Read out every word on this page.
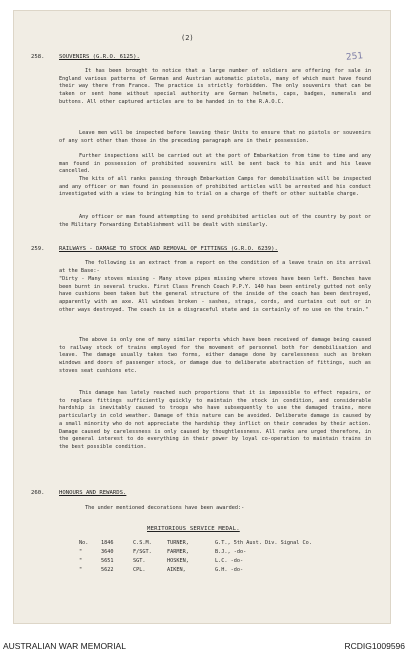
(2)
251
258.	SOUVENIRS (G.R.O. 6125).
It has been brought to notice that a large number of soldiers are offering for sale in England various patterns of German and Austrian automatic pistols, many of which must have found their way there from France. The practice is strictly forbidden. The only souvenirs that can be taken or sent home without special authority are German helmets, caps, badges, numerals and buttons. All other captured articles are to be handed in to the R.A.O.C.
Leave men will be inspected before leaving their Units to ensure that no pistols or souvenirs of any sort other than those in the preceding paragraph are in their possession.
Further inspections will be carried out at the port of Embarkation from time to time and any man found in possession of prohibited souvenirs will be sent back to his unit and his leave cancelled.
The kits of all ranks passing through Embarkation Camps for demobilisation will be inspected and any officer or man found in possession of prohibited articles will be arrested and his conduct investigated with a view to bringing him to trial on a charge of theft or other suitable charge.
Any officer or man found attempting to send prohibited articles out of the country by post or the Military Forwarding Establishment will be dealt with similarly.
259.	RAILWAYS - DAMAGE TO STOCK AND REMOVAL OF FITTINGS (G.R.O. 6239).
The following is an extract from a report on the condition of a leave train on its arrival at the Base:-
"Dirty - Many stoves missing - Many stove pipes missing where stoves have been left. Benches have been burnt in several trucks. First Class French Coach P.P.Y. 140 has been entirely gutted not only have cushions been taken but the general structure of the inside of the coach has been destroyed, apparently with an axe. All windows broken - sashes, straps, cords, and curtains cut out or in other ways destroyed. The coach is in a disgraceful state and is certainly of no use on the train."
The above is only one of many similar reports which have been received of damage being caused to railway stock of trains employed for the movement of personnel both for demobilisation and leave. The damage usually takes two forms, either damage done by carelessness such as broken windows and doors of passenger stock, or damage due to deliberate abstraction of fittings, such as stoves seat cushions etc.
This damage has lately reached such proportions that it is impossible to effect repairs, or to replace fittings sufficiently quickly to maintain the stock in condition, and considerable hardship is inevitably caused to troops who have subsequently to use the damaged trains, more particularly in cold weather. Damage of this nature can be avoided. Deliberate damage is caused by a small minority who do not appreciate the hardship they inflict on their comrades by their action. Damage caused by carelessness is only caused by thoughtlessness. All ranks are urged therefore, in the general interest to do everything in their power by loyal co-operation to maintain trains in the best possible condition.
260.	HONOURS AND REWARDS.
The under mentioned decorations have been awarded:-
MERITORIOUS SERVICE MEDAL.
No. 1846	C.S.M.	TURNER,	G.T., 5th Aust. Div. Signal Co.
"	3640	F/SGT.	FARMER,	B.J., -do-
"	5651	SGT.	HOSKEN,	L.C. -do-
"	5622	CPL.	AIKEN,	G.H. -do-
AUSTRALIAN WAR MEMORIAL	RCDIG1009596
